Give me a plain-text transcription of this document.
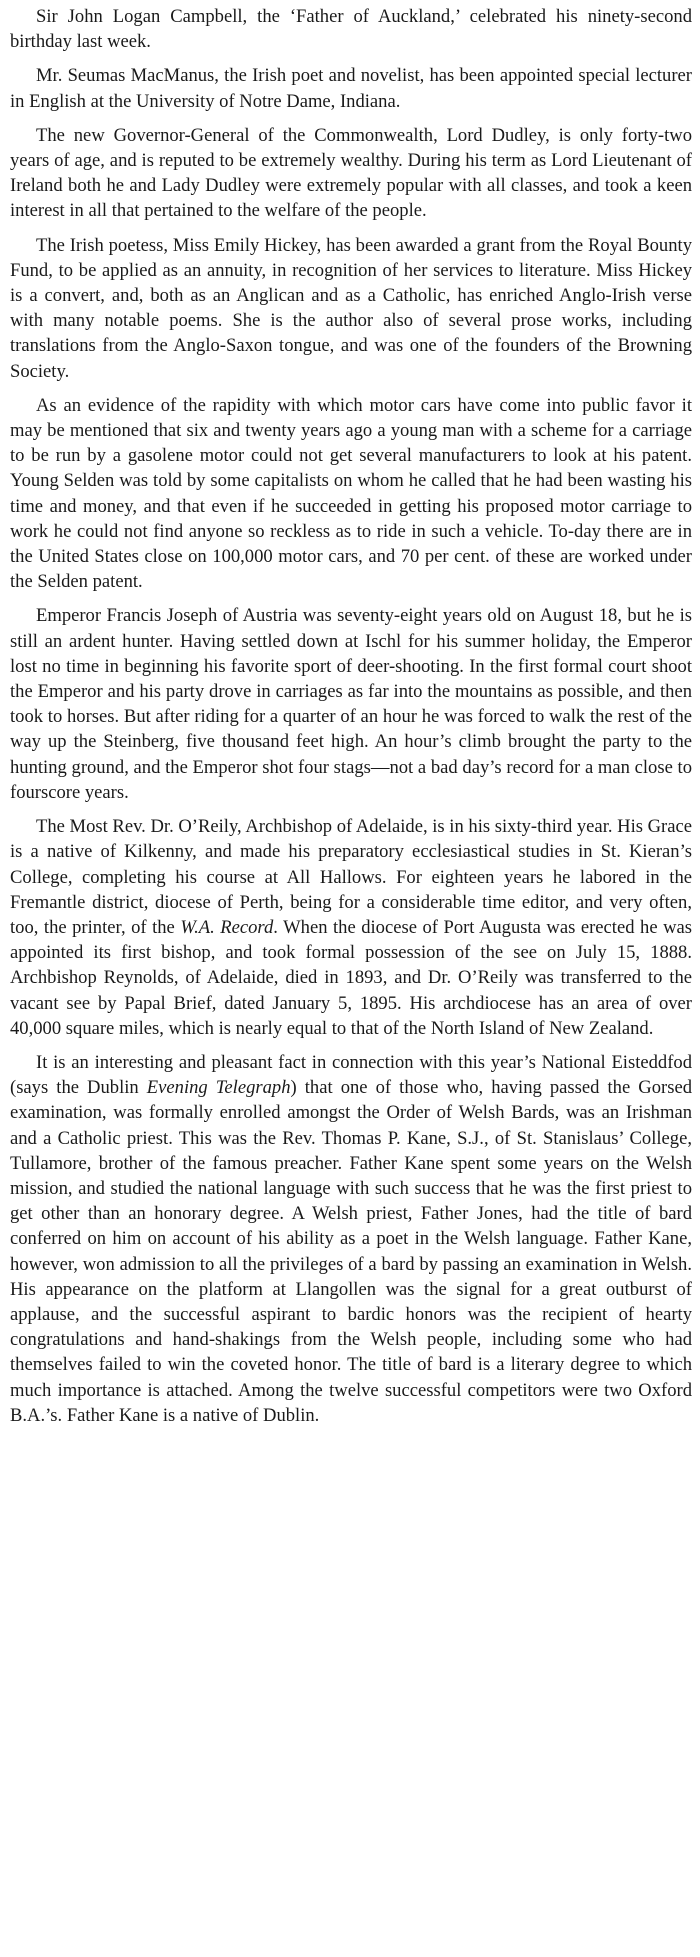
Sir John Logan Campbell, the ‘Father of Auckland,’ celebrated his ninety-second birthday last week.

Mr. Seumas MacManus, the Irish poet and novelist, has been appointed special lecturer in English at the University of Notre Dame, Indiana.

The new Governor-General of the Commonwealth, Lord Dudley, is only forty-two years of age, and is reputed to be extremely wealthy. During his term as Lord Lieutenant of Ireland both he and Lady Dudley were extremely popular with all classes, and took a keen interest in all that pertained to the welfare of the people.

The Irish poetess, Miss Emily Hickey, has been awarded a grant from the Royal Bounty Fund, to be applied as an annuity, in recognition of her services to literature. Miss Hickey is a convert, and, both as an Anglican and as a Catholic, has enriched Anglo-Irish verse with many notable poems. She is the author also of several prose works, including translations from the Anglo-Saxon tongue, and was one of the founders of the Browning Society.

As an evidence of the rapidity with which motor cars have come into public favor it may be mentioned that six and twenty years ago a young man with a scheme for a carriage to be run by a gasolene motor could not get several manufacturers to look at his patent. Young Selden was told by some capitalists on whom he called that he had been wasting his time and money, and that even if he succeeded in getting his proposed motor carriage to work he could not find anyone so reckless as to ride in such a vehicle. To-day there are in the United States close on 100,000 motor cars, and 70 per cent. of these are worked under the Selden patent.

Emperor Francis Joseph of Austria was seventy-eight years old on August 18, but he is still an ardent hunter. Having settled down at Ischl for his summer holiday, the Emperor lost no time in beginning his favorite sport of deer-shooting. In the first formal court shoot the Emperor and his party drove in carriages as far into the mountains as possible, and then took to horses. But after riding for a quarter of an hour he was forced to walk the rest of the way up the Steinberg, five thousand feet high. An hour’s climb brought the party to the hunting ground, and the Emperor shot four stags—not a bad day’s record for a man close to fourscore years.

The Most Rev. Dr. O’Reily, Archbishop of Adelaide, is in his sixty-third year. His Grace is a native of Kilkenny, and made his preparatory ecclesiastical studies in St. Kieran’s College, completing his course at All Hallows. For eighteen years he labored in the Fremantle district, diocese of Perth, being for a considerable time editor, and very often, too, the printer, of the W.A. Record. When the diocese of Port Augusta was erected he was appointed its first bishop, and took formal possession of the see on July 15, 1888. Archbishop Reynolds, of Adelaide, died in 1893, and Dr. O’Reily was transferred to the vacant see by Papal Brief, dated January 5, 1895. His archdiocese has an area of over 40,000 square miles, which is nearly equal to that of the North Island of New Zealand.

It is an interesting and pleasant fact in connection with this year’s National Eisteddfod (says the Dublin Evening Telegraph) that one of those who, having passed the Gorsed examination, was formally enrolled amongst the Order of Welsh Bards, was an Irishman and a Catholic priest. This was the Rev. Thomas P. Kane, S.J., of St. Stanislaus’ College, Tullamore, brother of the famous preacher. Father Kane spent some years on the Welsh mission, and studied the national language with such success that he was the first priest to get other than an honorary degree. A Welsh priest, Father Jones, had the title of bard conferred on him on account of his ability as a poet in the Welsh language. Father Kane, however, won admission to all the privileges of a bard by passing an examination in Welsh. His appearance on the platform at Llangollen was the signal for a great outburst of applause, and the successful aspirant to bardic honors was the recipient of hearty congratulations and hand-shakings from the Welsh people, including some who had themselves failed to win the coveted honor. The title of bard is a literary degree to which much importance is attached. Among the twelve successful competitors were two Oxford B.A.’s. Father Kane is a native of Dublin.
